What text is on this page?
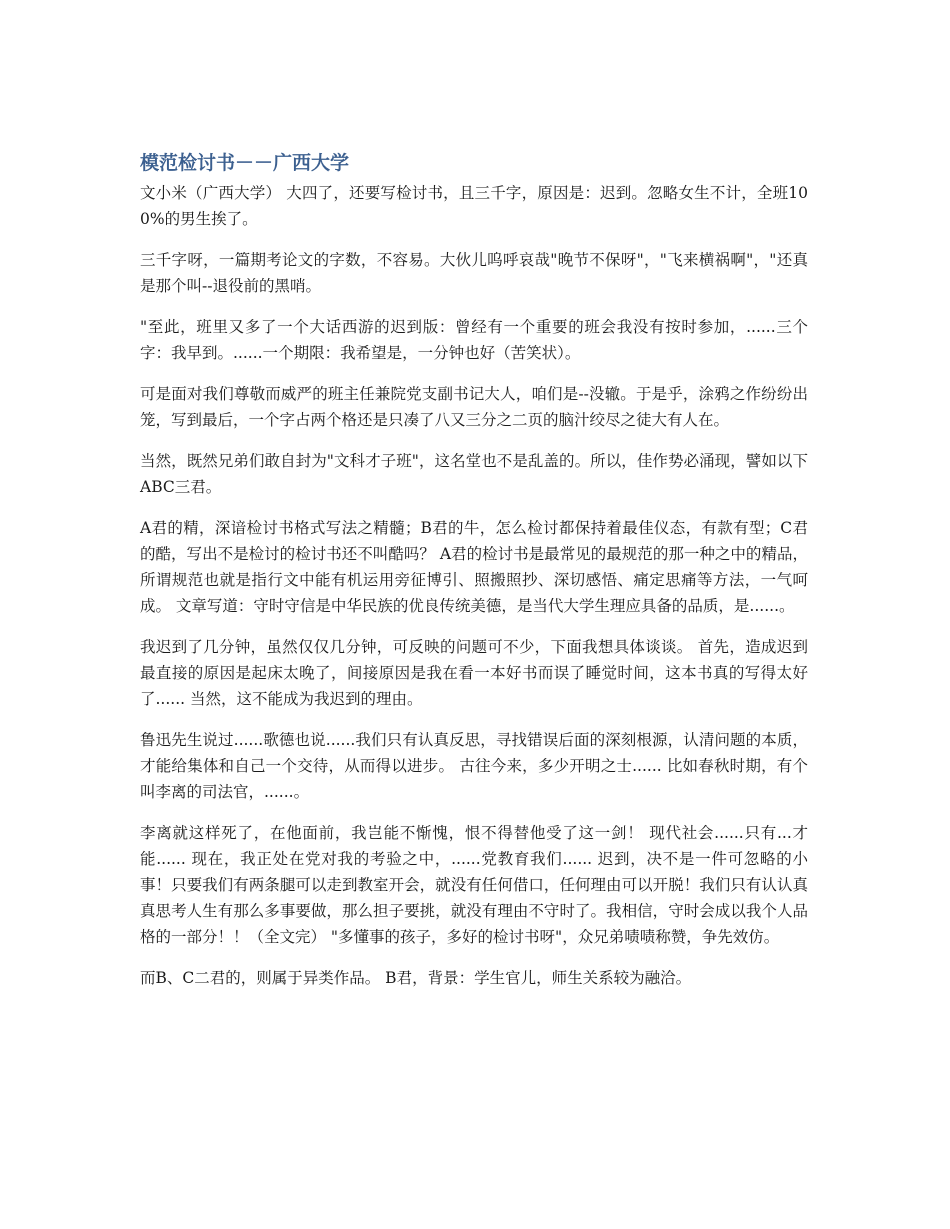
模范检讨书－－广西大学

文小米（广西大学） 大四了，还要写检讨书，且三千字，原因是：迟到。忽略女生不计，全班100%的男生挨了。

三千字呀，一篇期考论文的字数，不容易。大伙儿呜呼哀哉"晚节不保呀"，"飞来横祸啊"，"还真是那个叫--退役前的黑哨。

"至此，班里又多了一个大话西游的迟到版：曾经有一个重要的班会我没有按时参加，......三个字：我早到。......一个期限：我希望是，一分钟也好（苦笑状）。

可是面对我们尊敬而威严的班主任兼院党支副书记大人，咱们是--没辙。于是乎，涂鸦之作纷纷出笼，写到最后，一个字占两个格还是只凑了八又三分之二页的脑汁绞尽之徒大有人在。

当然，既然兄弟们敢自封为"文科才子班"，这名堂也不是乱盖的。所以，佳作势必涌现，譬如以下ABC三君。

A君的精，深谙检讨书格式写法之精髓；B君的牛，怎么检讨都保持着最佳仪态，有款有型；C君的酷，写出不是检讨的检讨书还不叫酷吗？ A君的检讨书是最常见的最规范的那一种之中的精品，所谓规范也就是指行文中能有机运用旁征博引、照搬照抄、深切感悟、痛定思痛等方法，一气呵成。 文章写道：守时守信是中华民族的优良传统美德，是当代大学生理应具备的品质，是......。

我迟到了几分钟，虽然仅仅几分钟，可反映的问题可不少，下面我想具体谈谈。 首先，造成迟到最直接的原因是起床太晚了，间接原因是我在看一本好书而误了睡觉时间，这本书真的写得太好了...... 当然，这不能成为我迟到的理由。

鲁迅先生说过......歌德也说......我们只有认真反思，寻找错误后面的深刻根源，认清问题的本质，才能给集体和自己一个交待，从而得以进步。 古往今来，多少开明之士...... 比如春秋时期，有个叫李离的司法官，......。

李离就这样死了，在他面前，我岂能不惭愧，恨不得替他受了这一剑！ 现代社会......只有...才能...... 现在，我正处在党对我的考验之中，......党教育我们...... 迟到，决不是一件可忽略的小事！只要我们有两条腿可以走到教室开会，就没有任何借口，任何理由可以开脱！我们只有认认真真思考人生有那么多事要做，那么担子要挑，就没有理由不守时了。我相信，守时会成以我个人品格的一部分！！（全文完） "多懂事的孩子，多好的检讨书呀"，众兄弟啧啧称赞，争先效仿。

而B、C二君的，则属于异类作品。 B君，背景：学生官儿，师生关系较为融洽。
